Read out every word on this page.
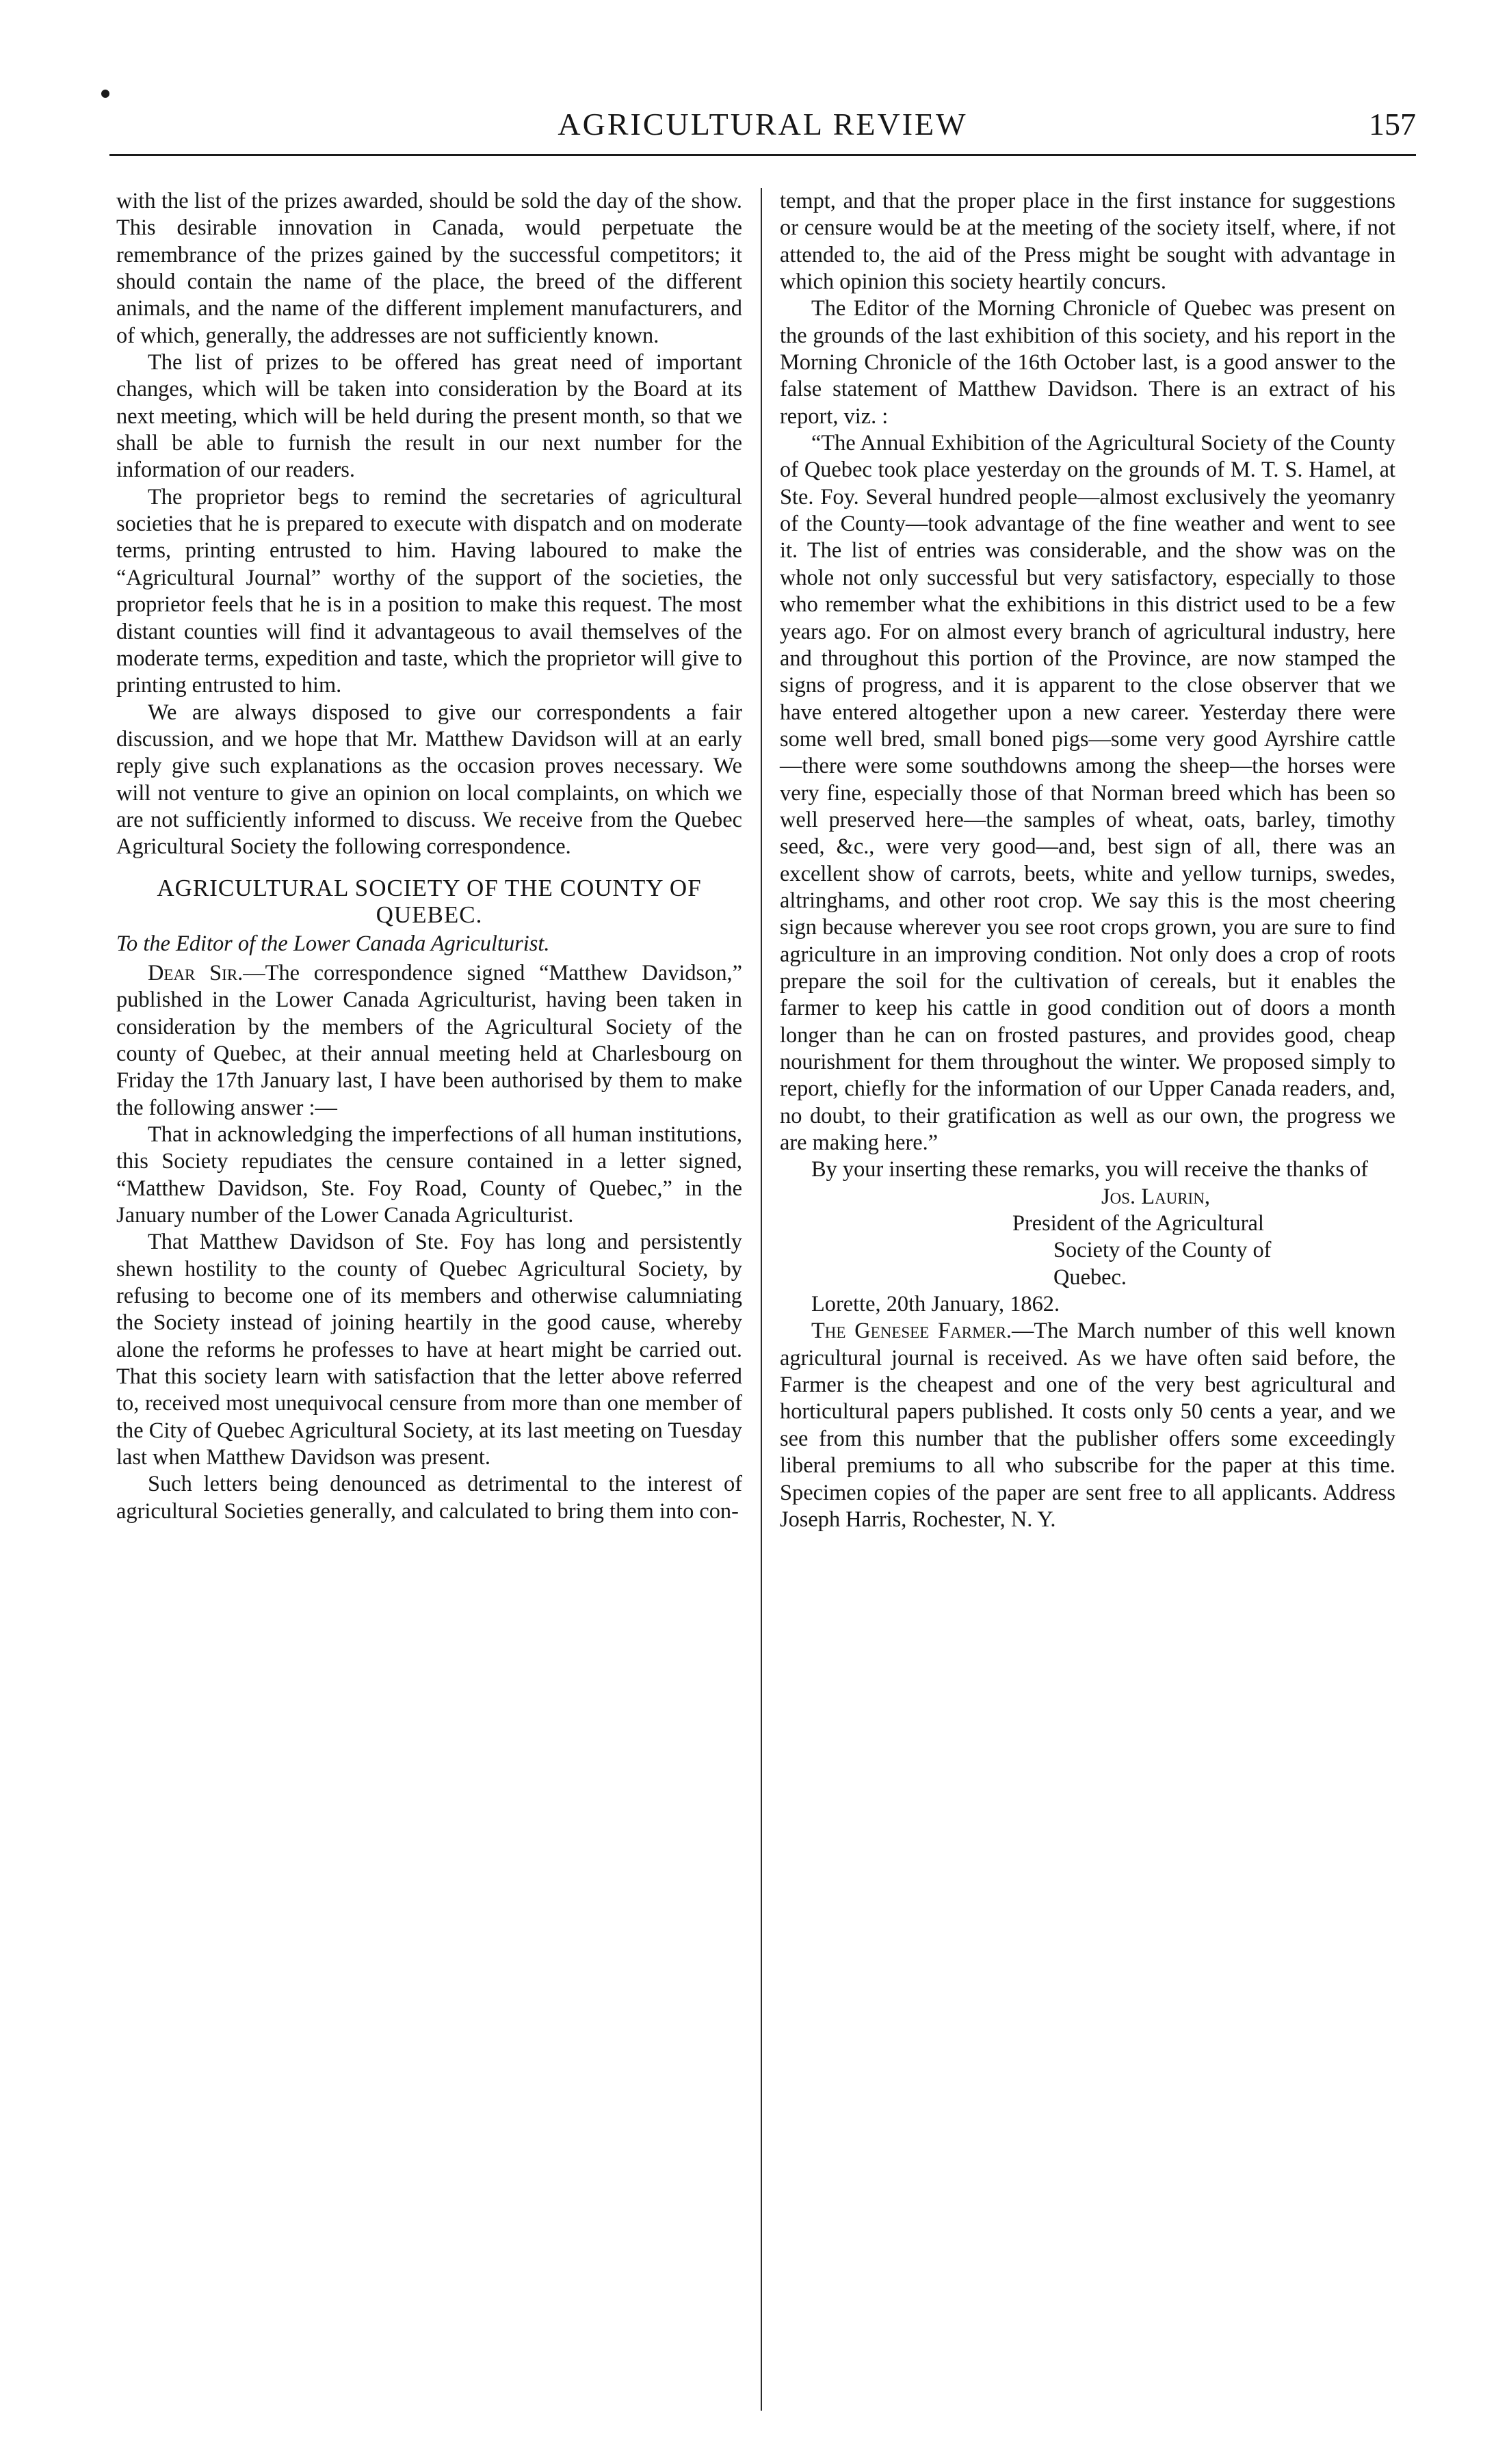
AGRICULTURAL REVIEW	157

with the list of the prizes awarded, should be sold the day of the show. This desirable innovation in Canada, would perpetuate the remembrance of the prizes gained by the successful competitors; it should contain the name of the place, the breed of the different animals, and the name of the different implement manufacturers, and of which, generally, the addresses are not sufficiently known.

The list of prizes to be offered has great need of important changes, which will be taken into consideration by the Board at its next meeting, which will be held during the present month, so that we shall be able to furnish the result in our next number for the information of our readers.

The proprietor begs to remind the secretaries of agricultural societies that he is prepared to execute with dispatch and on moderate terms, printing entrusted to him. Having laboured to make the “Agricultural Journal” worthy of the support of the societies, the proprietor feels that he is in a position to make this request. The most distant counties will find it advantageous to avail themselves of the moderate terms, expedition and taste, which the proprietor will give to printing entrusted to him.

We are always disposed to give our correspondents a fair discussion, and we hope that Mr. Matthew Davidson will at an early reply give such explanations as the occasion proves necessary. We will not venture to give an opinion on local complaints, on which we are not sufficiently informed to discuss. We receive from the Quebec Agricultural Society the following correspondence.

AGRICULTURAL SOCIETY OF THE COUNTY OF QUEBEC.

To the Editor of the Lower Canada Agriculturist.

Dear Sir.—The correspondence signed “Matthew Davidson,” published in the Lower Canada Agriculturist, having been taken in consideration by the members of the Agricultural Society of the county of Quebec, at their annual meeting held at Charlesbourg on Friday the 17th January last, I have been authorised by them to make the following answer :—

That in acknowledging the imperfections of all human institutions, this Society repudiates the censure contained in a letter signed, “Matthew Davidson, Ste. Foy Road, County of Quebec,” in the January number of the Lower Canada Agriculturist.

That Matthew Davidson of Ste. Foy has long and persistently shewn hostility to the county of Quebec Agricultural Society, by refusing to become one of its members and otherwise calumniating the Society instead of joining heartily in the good cause, whereby alone the reforms he professes to have at heart might be carried out. That this society learn with satisfaction that the letter above referred to, received most unequivocal censure from more than one member of the City of Quebec Agricultural Society, at its last meeting on Tuesday last when Matthew Davidson was present.

Such letters being denounced as detrimental to the interest of agricultural Societies generally, and calculated to bring them into con-

tempt, and that the proper place in the first instance for suggestions or censure would be at the meeting of the society itself, where, if not attended to, the aid of the Press might be sought with advantage in which opinion this society heartily concurs.

The Editor of the Morning Chronicle of Quebec was present on the grounds of the last exhibition of this society, and his report in the Morning Chronicle of the 16th October last, is a good answer to the false statement of Matthew Davidson. There is an extract of his report, viz. :

“The Annual Exhibition of the Agricultural Society of the County of Quebec took place yesterday on the grounds of M. T. S. Hamel, at Ste. Foy. Several hundred people—almost exclusively the yeomanry of the County—took advantage of the fine weather and went to see it. The list of entries was considerable, and the show was on the whole not only successful but very satisfactory, especially to those who remember what the exhibitions in this district used to be a few years ago. For on almost every branch of agricultural industry, here and throughout this portion of the Province, are now stamped the signs of progress, and it is apparent to the close observer that we have entered altogether upon a new career. Yesterday there were some well bred, small boned pigs—some very good Ayrshire cattle—there were some southdowns among the sheep—the horses were very fine, especially those of that Norman breed which has been so well preserved here—the samples of wheat, oats, barley, timothy seed, &c., were very good—and, best sign of all, there was an excellent show of carrots, beets, white and yellow turnips, swedes, altringhams, and other root crop. We say this is the most cheering sign because wherever you see root crops grown, you are sure to find agriculture in an improving condition. Not only does a crop of roots prepare the soil for the cultivation of cereals, but it enables the farmer to keep his cattle in good condition out of doors a month longer than he can on frosted pastures, and provides good, cheap nourishment for them throughout the winter. We proposed simply to report, chiefly for the information of our Upper Canada readers, and, no doubt, to their gratification as well as our own, the progress we are making here.”

By your inserting these remarks, you will receive the thanks of

Jos. Laurin,

President of the Agricultural

Society of the County of

Quebec.

Lorette, 20th January, 1862.

The Genesee Farmer.—The March number of this well known agricultural journal is received. As we have often said before, the Farmer is the cheapest and one of the very best agricultural and horticultural papers published. It costs only 50 cents a year, and we see from this number that the publisher offers some exceedingly liberal premiums to all who subscribe for the paper at this time. Specimen copies of the paper are sent free to all applicants. Address Joseph Harris, Rochester, N. Y.
